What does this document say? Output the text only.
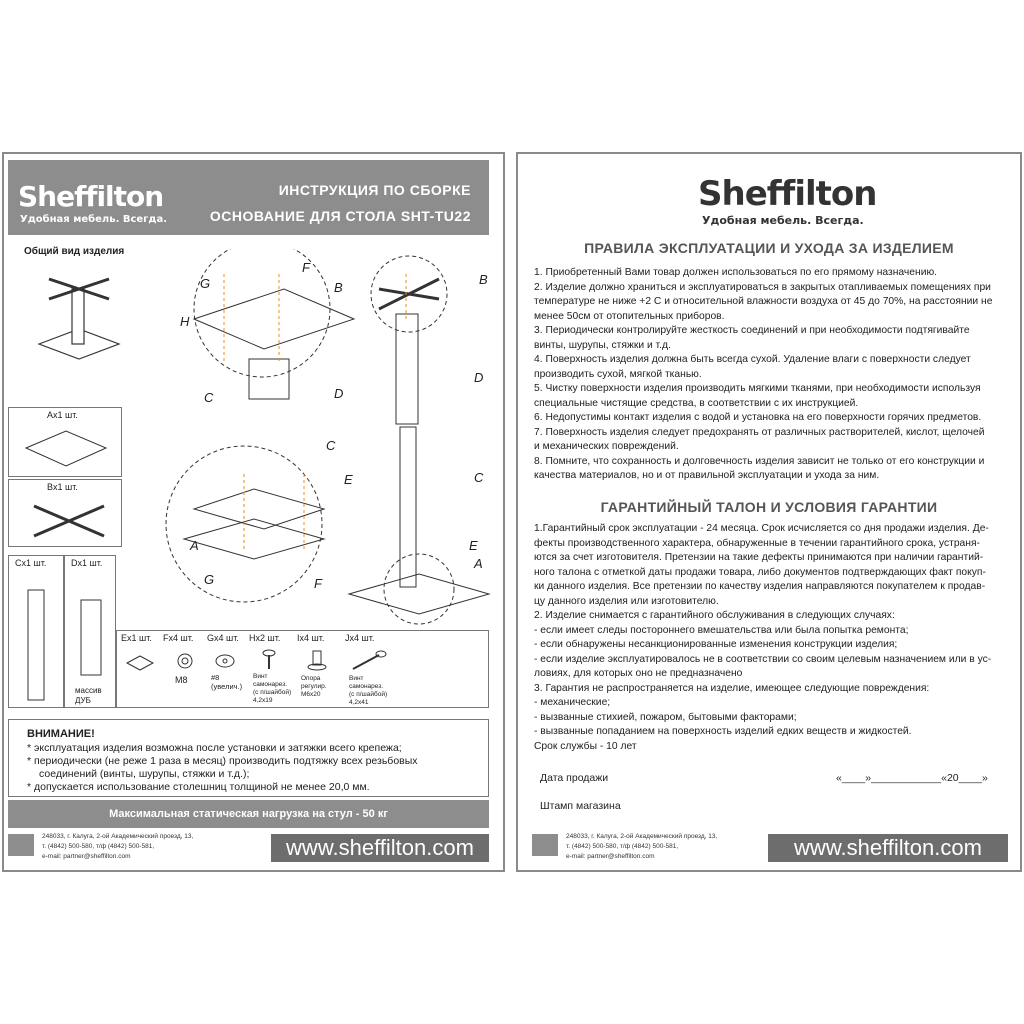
Sheffilton
Удобная мебель. Всегда.
ИНСТРУКЦИЯ ПО СБОРКЕ
ОСНОВАНИЕ ДЛЯ СТОЛА SHT-TU22
Общий вид изделия
G
F
B
H
C	D
B
D
C
E	C
E
A
A
G	F
Ax1 шт.
Bx1 шт.
Cx1 шт.	Dx1 шт.
массив ДУБ
Ex1 шт. Fx4 шт. Gx4 шт. Hx2 шт. Ix4 шт. Jx4 шт.
М8	#8 (увелич.)
Винт самонарез. (с п/шайбой) 4,2х19
Опора регулир. М6х20
Винт самонарез. (с п/шайбой) 4,2х41
ВНИМАНИЕ!
* эксплуатация изделия возможна после установки и затяжки всего крепежа;
* периодически (не реже 1 раза в месяц) производить подтяжку всех резьбовых
соединений (винты, шурупы, стяжки и т.д.);
* допускается использование столешниц толщиной не менее 20,0 мм.
Максимальная статическая нагрузка на стул - 50 кг
248033, г. Калуга, 2-ой Академический проезд, 13,
т. (4842) 500-580, т/ф (4842) 500-581,
e-mail: partner@sheffilton.com	www.sheffilton.com
Sheffilton
Удобная мебель. Всегда.
ПРАВИЛА ЭКСПЛУАТАЦИИ И УХОДА ЗА ИЗДЕЛИЕМ
1. Приобретенный Вами товар должен использоваться по его прямому назначению.
2. Изделие должно храниться и эксплуатироваться в закрытых отапливаемых помещениях при
температуре не ниже +2 С и относительной влажности воздуха от 45 до 70%, на расстоянии не
менее 50см от отопительных приборов.
3. Периодически контролируйте жесткость соединений и при необходимости подтягивайте
винты, шурупы, стяжки и т.д.
4. Поверхность изделия должна быть всегда сухой. Удаление влаги с поверхности следует
производить сухой, мягкой тканью.
5. Чистку поверхности изделия производить мягкими тканями, при необходимости используя
специальные чистящие средства, в соответствии с их инструкцией.
6. Недопустимы контакт изделия с водой и установка на его поверхности горячих предметов.
7. Поверхность изделия следует предохранять от различных растворителей, кислот, щелочей
и механических повреждений.
8. Помните, что сохранность и долговечность изделия зависит не только от его конструкции и
качества материалов, но и от правильной эксплуатации и ухода за ним.
ГАРАНТИЙНЫЙ ТАЛОН И УСЛОВИЯ ГАРАНТИИ
1.Гарантийный срок эксплуатации - 24 месяца. Срок исчисляется со дня продажи изделия. Де-
фекты производственного характера, обнаруженные в течении гарантийного срока, устраня-
ются за счет изготовителя. Претензии на такие дефекты принимаются при наличии гарантий-
ного талона с отметкой даты продажи товара, либо документов подтверждающих факт покуп-
ки данного изделия. Все претензии по качеству изделия направляются покупателем к продав-
цу данного изделия или изготовителю.
2. Изделие снимается с гарантийного обслуживания в следующих случаях:
- если имеет следы постороннего вмешательства или была попытка ремонта;
- если обнаружены несанкционированные изменения конструкции изделия;
- если изделие эксплуатировалось не в соответствии со своим целевым назначением или в ус-
ловиях, для которых оно не предназначено
3. Гарантия не распространяется на изделие, имеющее следующие повреждения:
- механические;
- вызванные стихией, пожаром, бытовыми факторами;
- вызванные попаданием на поверхность изделий едких веществ и жидкостей.
Срок службы - 10 лет
Дата продажи	«____»____________«20____»
Штамп магазина
248033, г. Калуга, 2-ой Академический проезд, 13,
т. (4842) 500-580, т/ф (4842) 500-581,
e-mail: partner@sheffilton.com	www.sheffilton.com
